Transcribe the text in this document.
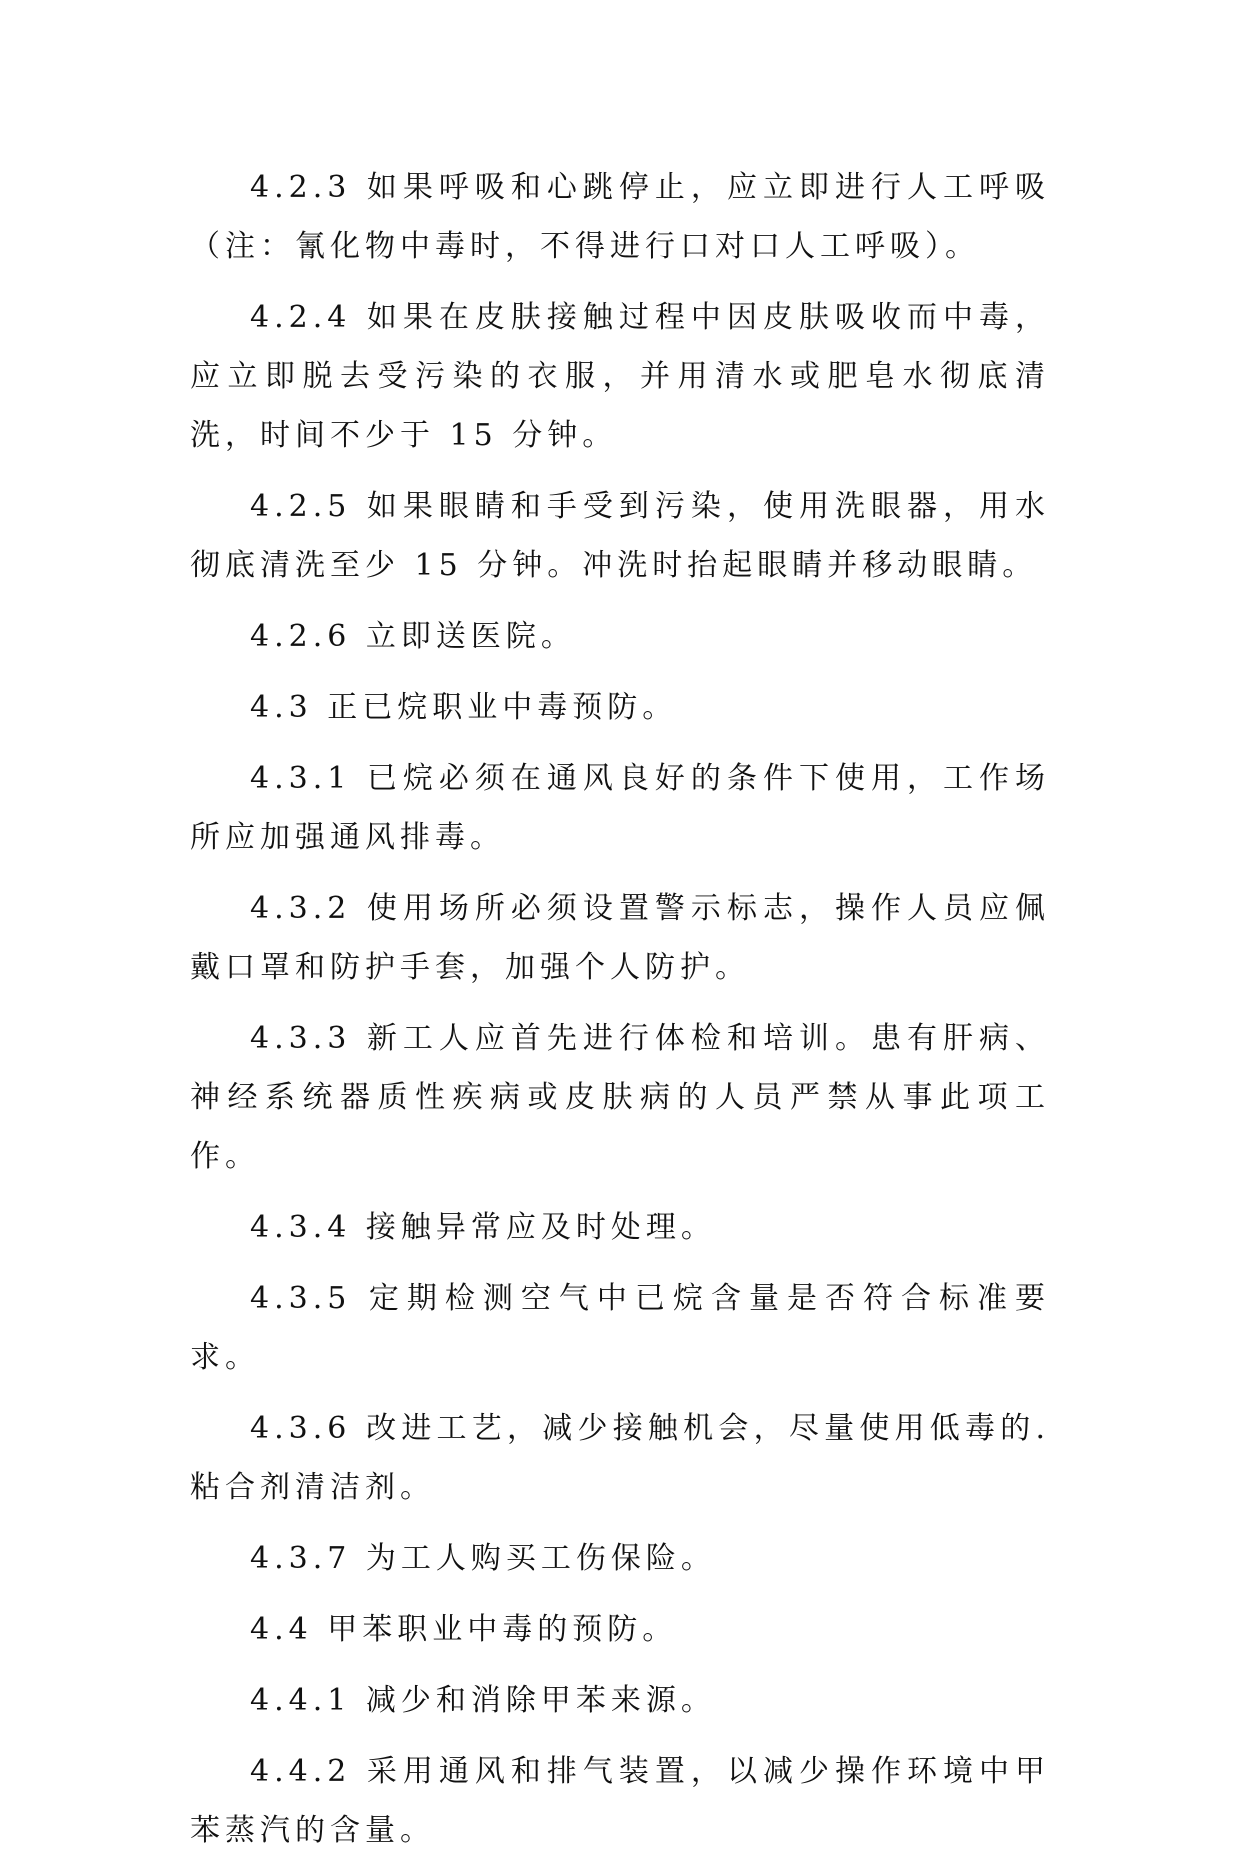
4.2.3 如果呼吸和心跳停止，应立即进行人工呼吸（注：氰化物中毒时，不得进行口对口人工呼吸）。

4.2.4 如果在皮肤接触过程中因皮肤吸收而中毒，应立即脱去受污染的衣服，并用清水或肥皂水彻底清洗，时间不少于 15 分钟。

4.2.5 如果眼睛和手受到污染，使用洗眼器，用水彻底清洗至少 15 分钟。冲洗时抬起眼睛并移动眼睛。

4.2.6 立即送医院。

4.3 正已烷职业中毒预防。

4.3.1 已烷必须在通风良好的条件下使用，工作场所应加强通风排毒。

4.3.2 使用场所必须设置警示标志，操作人员应佩戴口罩和防护手套，加强个人防护。

4.3.3 新工人应首先进行体检和培训。患有肝病、神经系统器质性疾病或皮肤病的人员严禁从事此项工作。

4.3.4 接触异常应及时处理。

4.3.5 定期检测空气中已烷含量是否符合标准要求。

4.3.6 改进工艺，减少接触机会，尽量使用低毒的.粘合剂清洁剂。

4.3.7 为工人购买工伤保险。

4.4 甲苯职业中毒的预防。

4.4.1 减少和消除甲苯来源。

4.4.2 采用通风和排气装置，以减少操作环境中甲苯蒸汽的含量。
